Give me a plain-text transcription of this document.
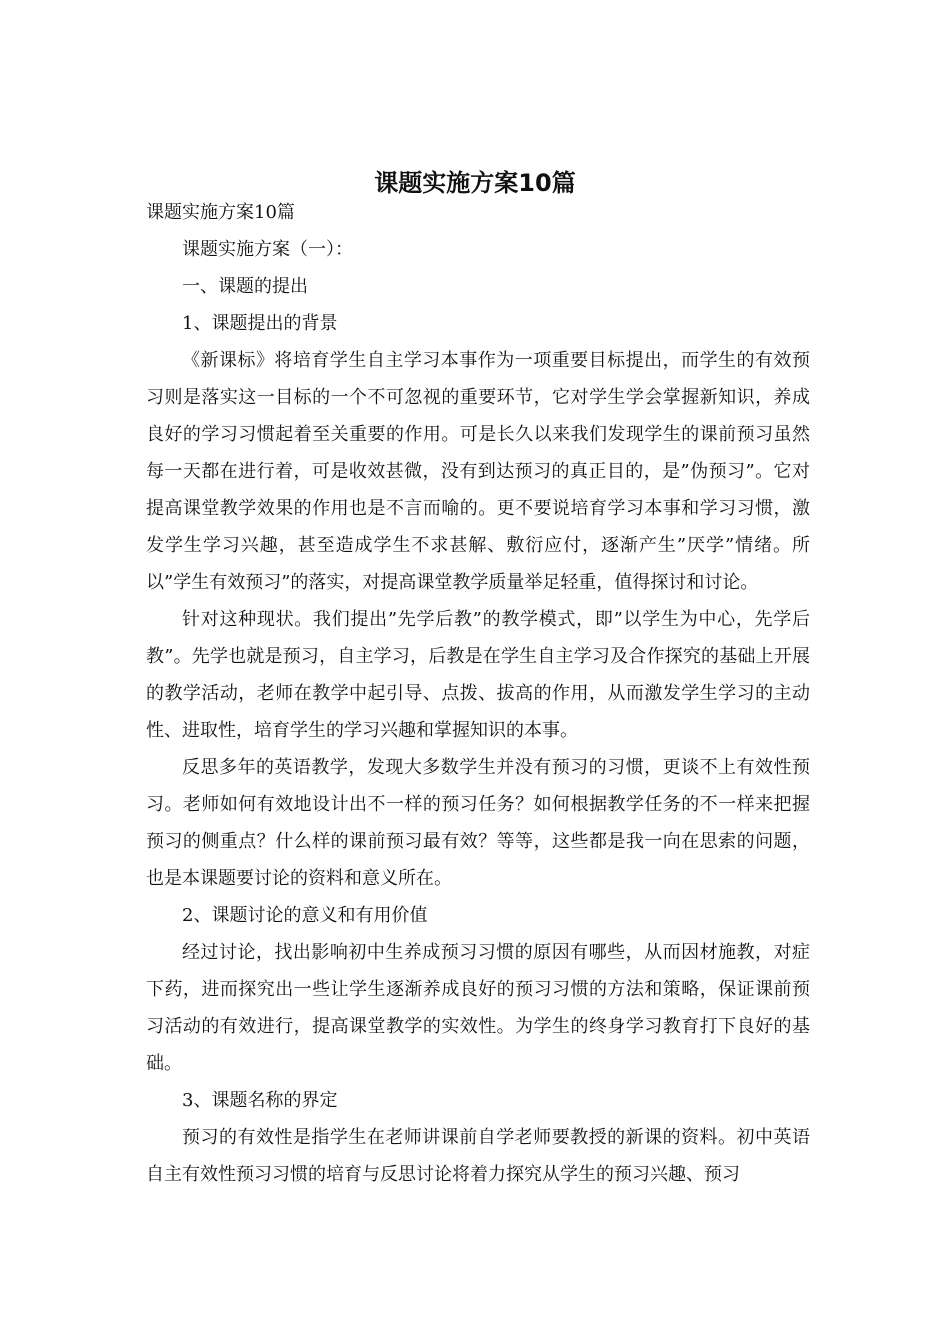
课题实施方案10篇

课题实施方案10篇

课题实施方案（一）：

一、课题的提出

1、课题提出的背景

《新课标》将培育学生自主学习本事作为一项重要目标提出，而学生的有效预习则是落实这一目标的一个不可忽视的重要环节，它对学生学会掌握新知识，养成良好的学习习惯起着至关重要的作用。可是长久以来我们发现学生的课前预习虽然每一天都在进行着，可是收效甚微，没有到达预习的真正目的，是”伪预习”。它对提高课堂教学效果的作用也是不言而喻的。更不要说培育学习本事和学习习惯，激发学生学习兴趣，甚至造成学生不求甚解、敷衍应付，逐渐产生”厌学”情绪。所以”学生有效预习”的落实，对提高课堂教学质量举足轻重，值得探讨和讨论。

针对这种现状。我们提出”先学后教”的教学模式，即”以学生为中心，先学后教”。先学也就是预习，自主学习，后教是在学生自主学习及合作探究的基础上开展的教学活动，老师在教学中起引导、点拨、拔高的作用，从而激发学生学习的主动性、进取性，培育学生的学习兴趣和掌握知识的本事。

反思多年的英语教学，发现大多数学生并没有预习的习惯，更谈不上有效性预习。老师如何有效地设计出不一样的预习任务？如何根据教学任务的不一样来把握预习的侧重点？什么样的课前预习最有效？等等，这些都是我一向在思索的问题，也是本课题要讨论的资料和意义所在。

2、课题讨论的意义和有用价值

经过讨论，找出影响初中生养成预习习惯的原因有哪些，从而因材施教，对症下药，进而探究出一些让学生逐渐养成良好的预习习惯的方法和策略，保证课前预习活动的有效进行，提高课堂教学的实效性。为学生的终身学习教育打下良好的基础。

3、课题名称的界定

预习的有效性是指学生在老师讲课前自学老师要教授的新课的资料。初中英语自主有效性预习习惯的培育与反思讨论将着力探究从学生的预习兴趣、预习
